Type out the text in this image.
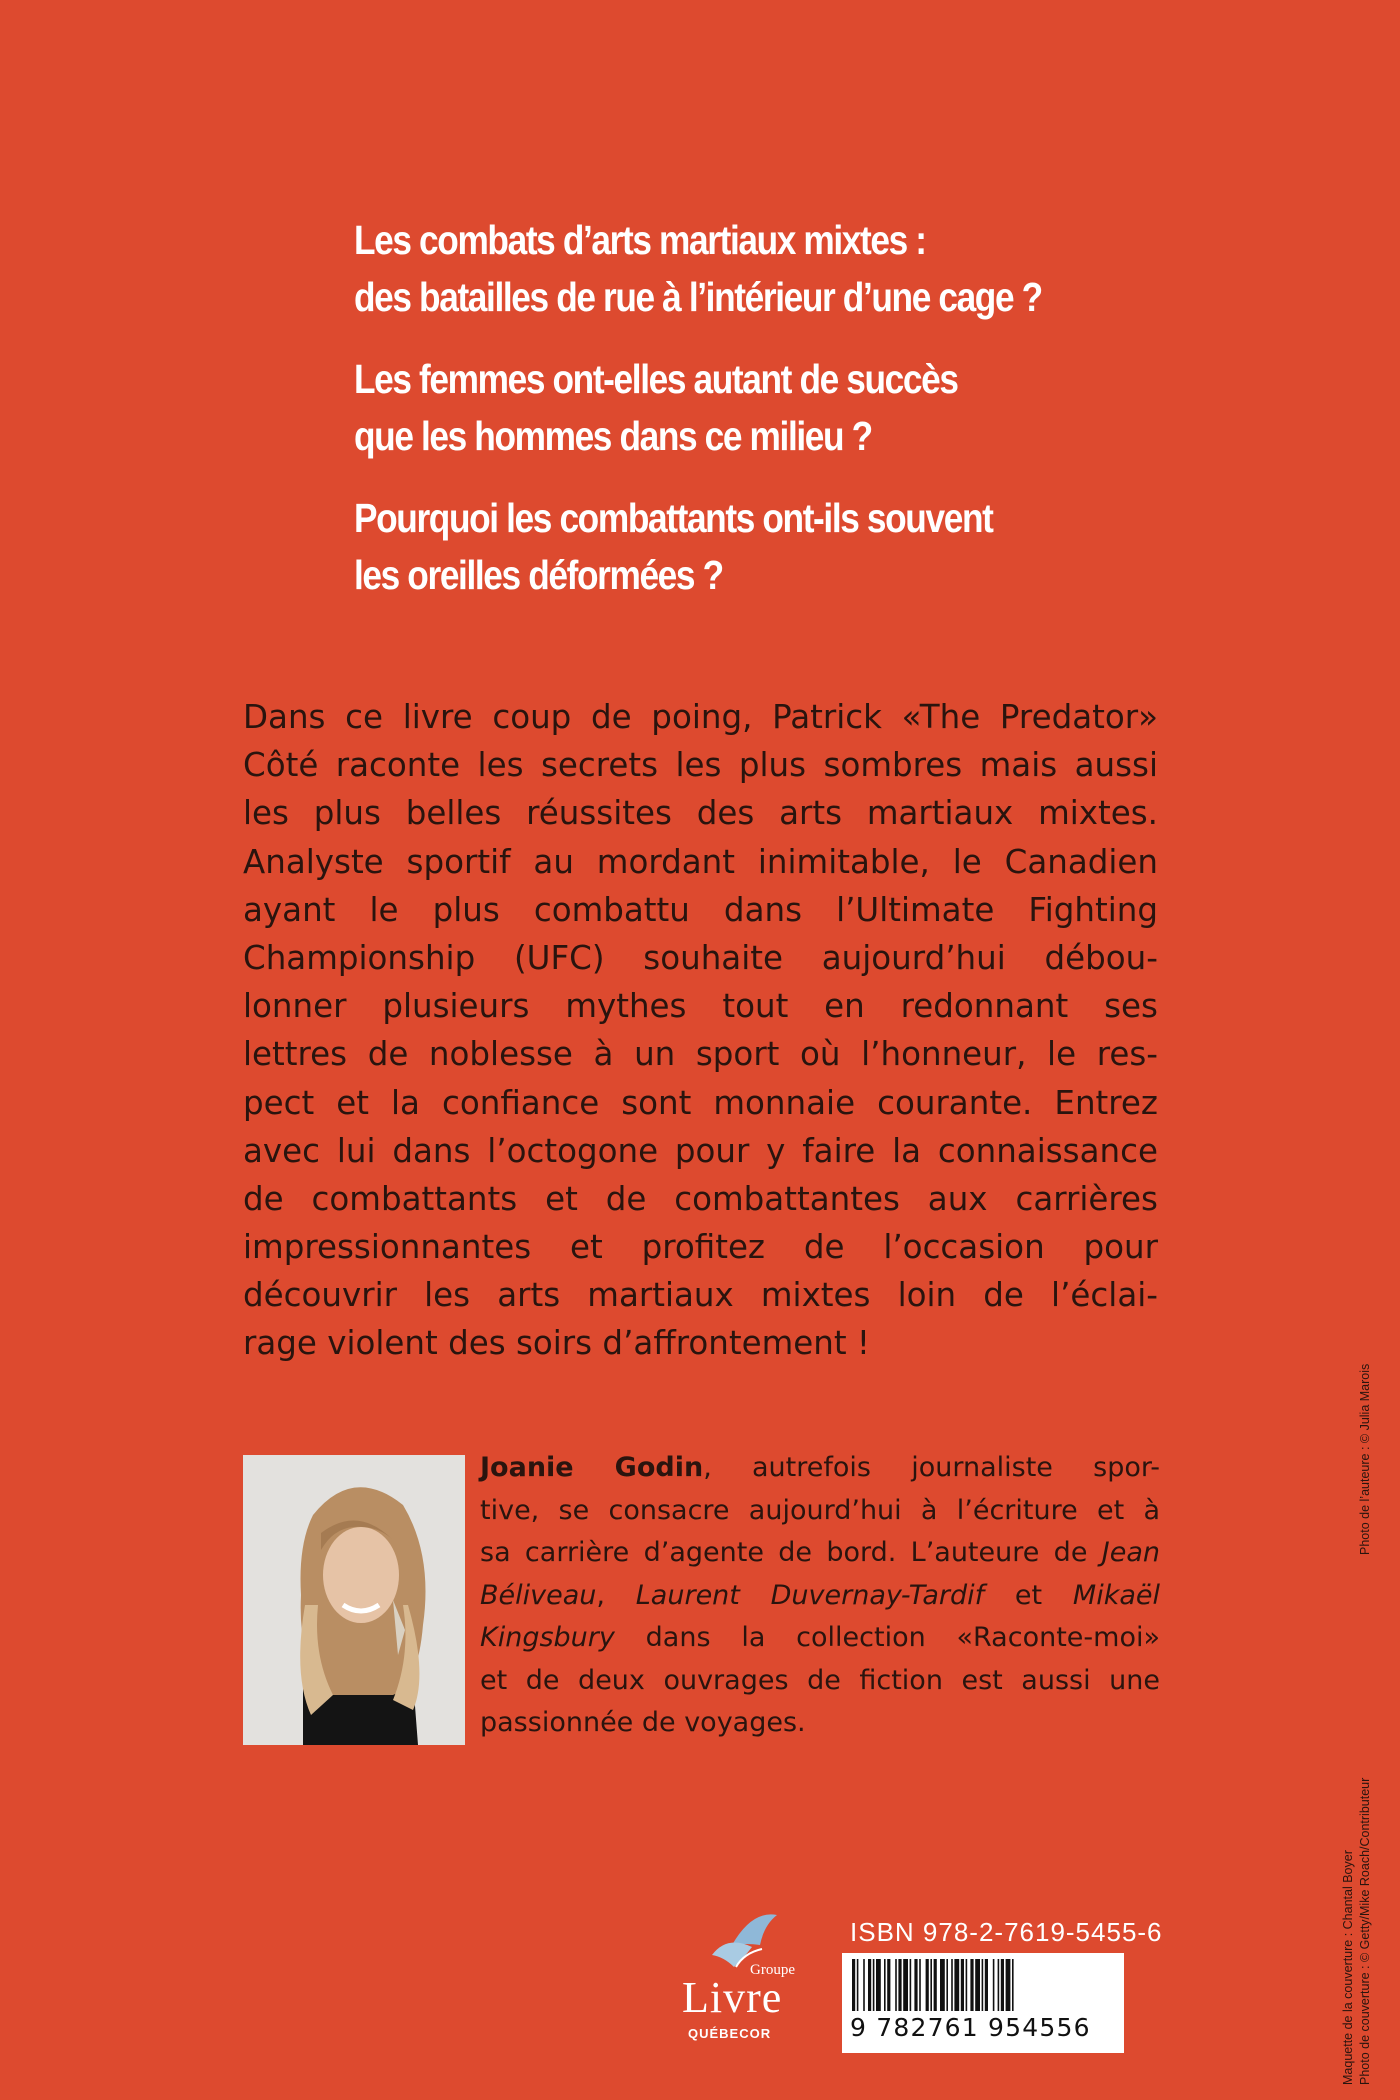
Les combats d’arts martiaux mixtes :
des batailles de rue à l’intérieur d’une cage ?
Les femmes ont-elles autant de succès
que les hommes dans ce milieu ?
Pourquoi les combattants ont-ils souvent
les oreilles déformées ?
Dans ce livre coup de poing, Patrick «The Predator»
Côté raconte les secrets les plus sombres mais aussi
les plus belles réussites des arts martiaux mixtes.
Analyste sportif au mordant inimitable, le Canadien
ayant le plus combattu dans l’Ultimate Fighting
Championship (UFC) souhaite aujourd’hui débou-
lonner plusieurs mythes tout en redonnant ses
lettres de noblesse à un sport où l’honneur, le res-
pect et la confiance sont monnaie courante. Entrez
avec lui dans l’octogone pour y faire la connaissance
de combattants et de combattantes aux carrières
impressionnantes et profitez de l’occasion pour
découvrir les arts martiaux mixtes loin de l’éclai-
rage violent des soirs d’affrontement !
Joanie Godin, autrefois journaliste spor-
tive, se consacre aujourd’hui à l’écriture et à
sa carrière d’agente de bord. L’auteure de Jean
Béliveau, Laurent Duvernay-Tardif et Mikaël
Kingsbury dans la collection «Raconte-moi»
et de deux ouvrages de fiction est aussi une
passionnée de voyages.
Maquette de la couverture : Chantal Boyer Photo de couverture : © Getty/Mike Roach/Contributeur
Photo de l’auteure : © Julia Marois
Groupe
Livre
QUÉBECOR
ISBN 978-2-7619-5455-6
9 782761 954556
